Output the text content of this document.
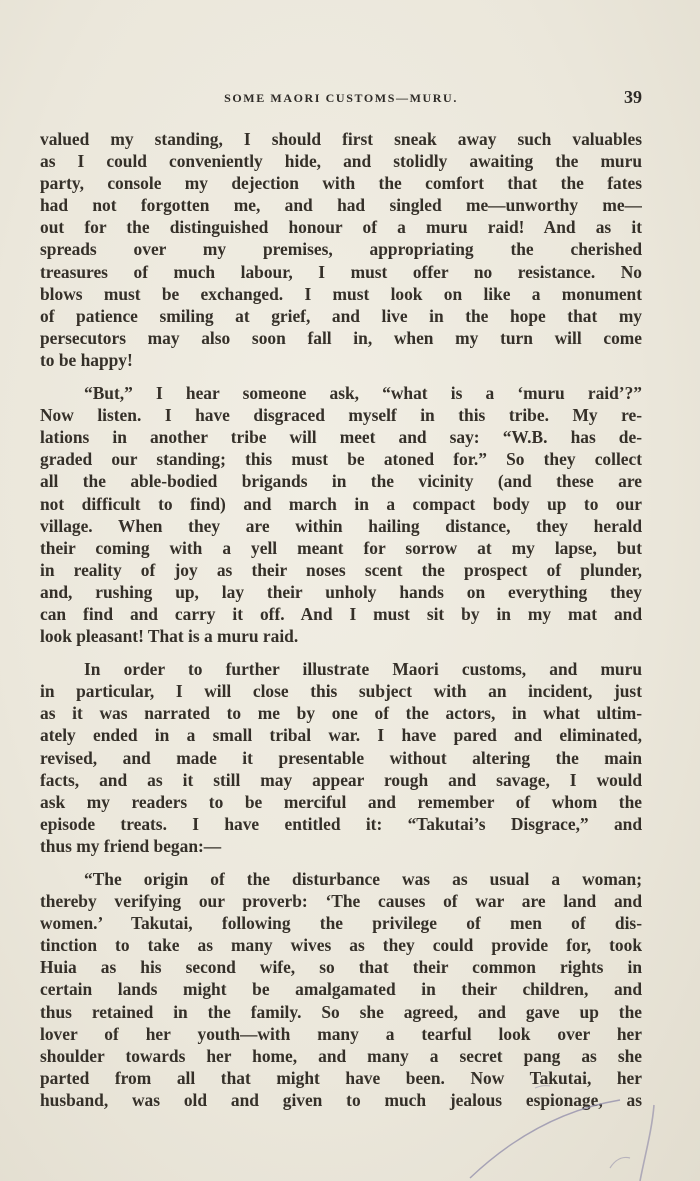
SOME MAORI CUSTOMS—MURU.	39

valued my standing, I should first sneak away such valuables
as I could conveniently hide, and stolidly awaiting the muru
party, console my dejection with the comfort that the fates
had not forgotten me, and had singled me—unworthy me—
out for the distinguished honour of a muru raid! And as it
spreads over my premises, appropriating the cherished
treasures of much labour, I must offer no resistance. No
blows must be exchanged. I must look on like a monument
of patience smiling at grief, and live in the hope that my
persecutors may also soon fall in, when my turn will come
to be happy!

“But,” I hear someone ask, “what is a ‘muru raid’?”
Now listen. I have disgraced myself in this tribe. My re-
lations in another tribe will meet and say: “W.B. has de-
graded our standing; this must be atoned for.” So they collect
all the able-bodied brigands in the vicinity (and these are
not difficult to find) and march in a compact body up to our
village. When they are within hailing distance, they herald
their coming with a yell meant for sorrow at my lapse, but
in reality of joy as their noses scent the prospect of plunder,
and, rushing up, lay their unholy hands on everything they
can find and carry it off. And I must sit by in my mat and
look pleasant! That is a muru raid.

In order to further illustrate Maori customs, and muru
in particular, I will close this subject with an incident, just
as it was narrated to me by one of the actors, in what ultim-
ately ended in a small tribal war. I have pared and eliminated,
revised, and made it presentable without altering the main
facts, and as it still may appear rough and savage, I would
ask my readers to be merciful and remember of whom the
episode treats. I have entitled it: “Takutai’s Disgrace,” and
thus my friend began:—

“The origin of the disturbance was as usual a woman;
thereby verifying our proverb: ‘The causes of war are land and
women.’ Takutai, following the privilege of men of dis-
tinction to take as many wives as they could provide for, took
Huia as his second wife, so that their common rights in
certain lands might be amalgamated in their children, and
thus retained in the family. So she agreed, and gave up the
lover of her youth—with many a tearful look over her
shoulder towards her home, and many a secret pang as she
parted from all that might have been. Now Takutai, her
husband, was old and given to much jealous espionage, as
